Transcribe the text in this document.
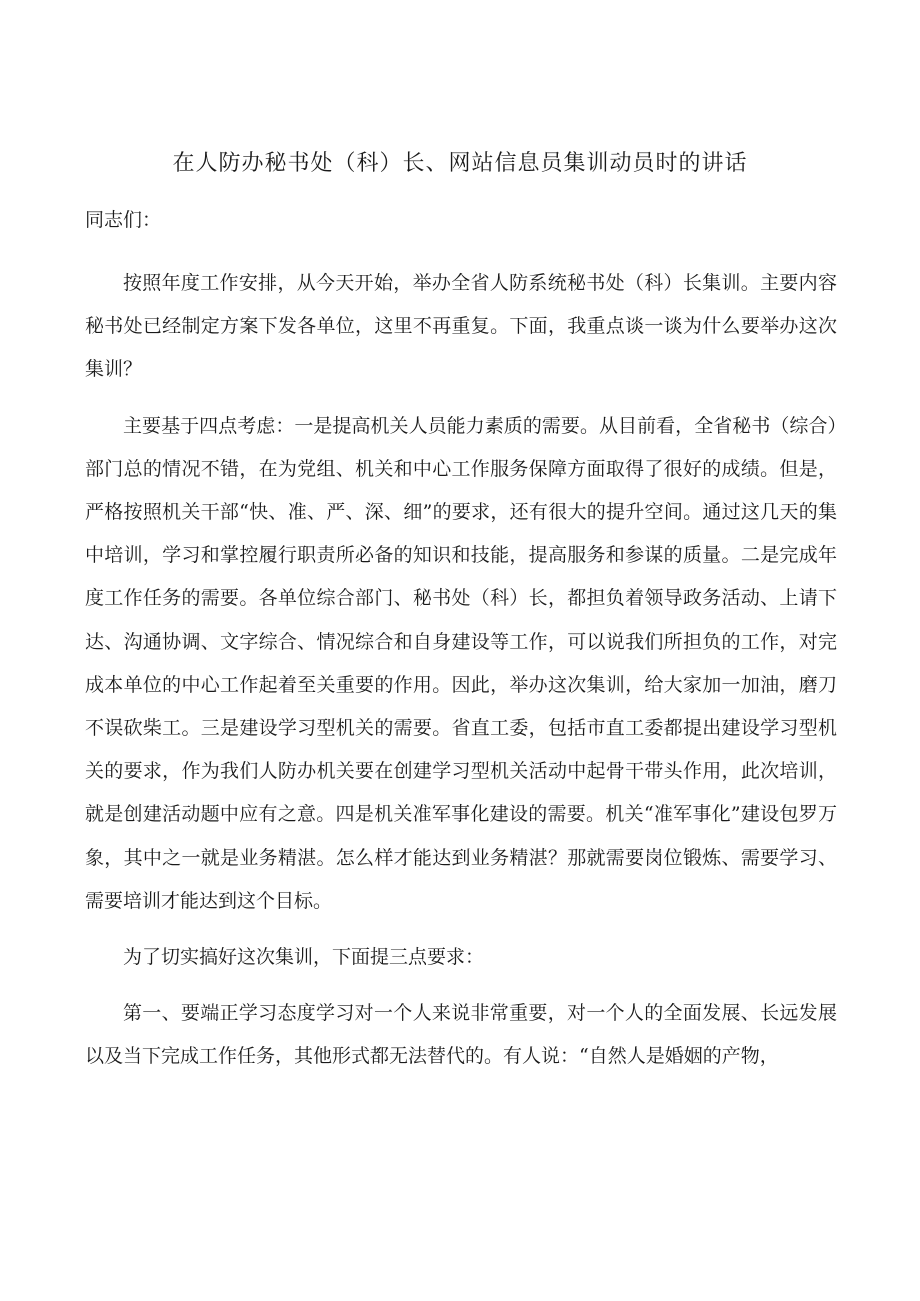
在人防办秘书处（科）长、网站信息员集训动员时的讲话

同志们：

按照年度工作安排，从今天开始，举办全省人防系统秘书处（科）长集训。主要内容秘书处已经制定方案下发各单位，这里不再重复。下面，我重点谈一谈为什么要举办这次集训？

主要基于四点考虑：一是提高机关人员能力素质的需要。从目前看，全省秘书（综合）部门总的情况不错，在为党组、机关和中心工作服务保障方面取得了很好的成绩。但是，严格按照机关干部“快、准、严、深、细”的要求，还有很大的提升空间。通过这几天的集中培训，学习和掌控履行职责所必备的知识和技能，提高服务和参谋的质量。二是完成年度工作任务的需要。各单位综合部门、秘书处（科）长，都担负着领导政务活动、上请下达、沟通协调、文字综合、情况综合和自身建设等工作，可以说我们所担负的工作，对完成本单位的中心工作起着至关重要的作用。因此，举办这次集训，给大家加一加油，磨刀不误砍柴工。三是建设学习型机关的需要。省直工委，包括市直工委都提出建设学习型机关的要求，作为我们人防办机关要在创建学习型机关活动中起骨干带头作用，此次培训，就是创建活动题中应有之意。四是机关准军事化建设的需要。机关“准军事化”建设包罗万象，其中之一就是业务精湛。怎么样才能达到业务精湛？那就需要岗位锻炼、需要学习、需要培训才能达到这个目标。

为了切实搞好这次集训，下面提三点要求：

第一、要端正学习态度学习对一个人来说非常重要，对一个人的全面发展、长远发展以及当下完成工作任务，其他形式都无法替代的。有人说：“自然人是婚姻的产物，
